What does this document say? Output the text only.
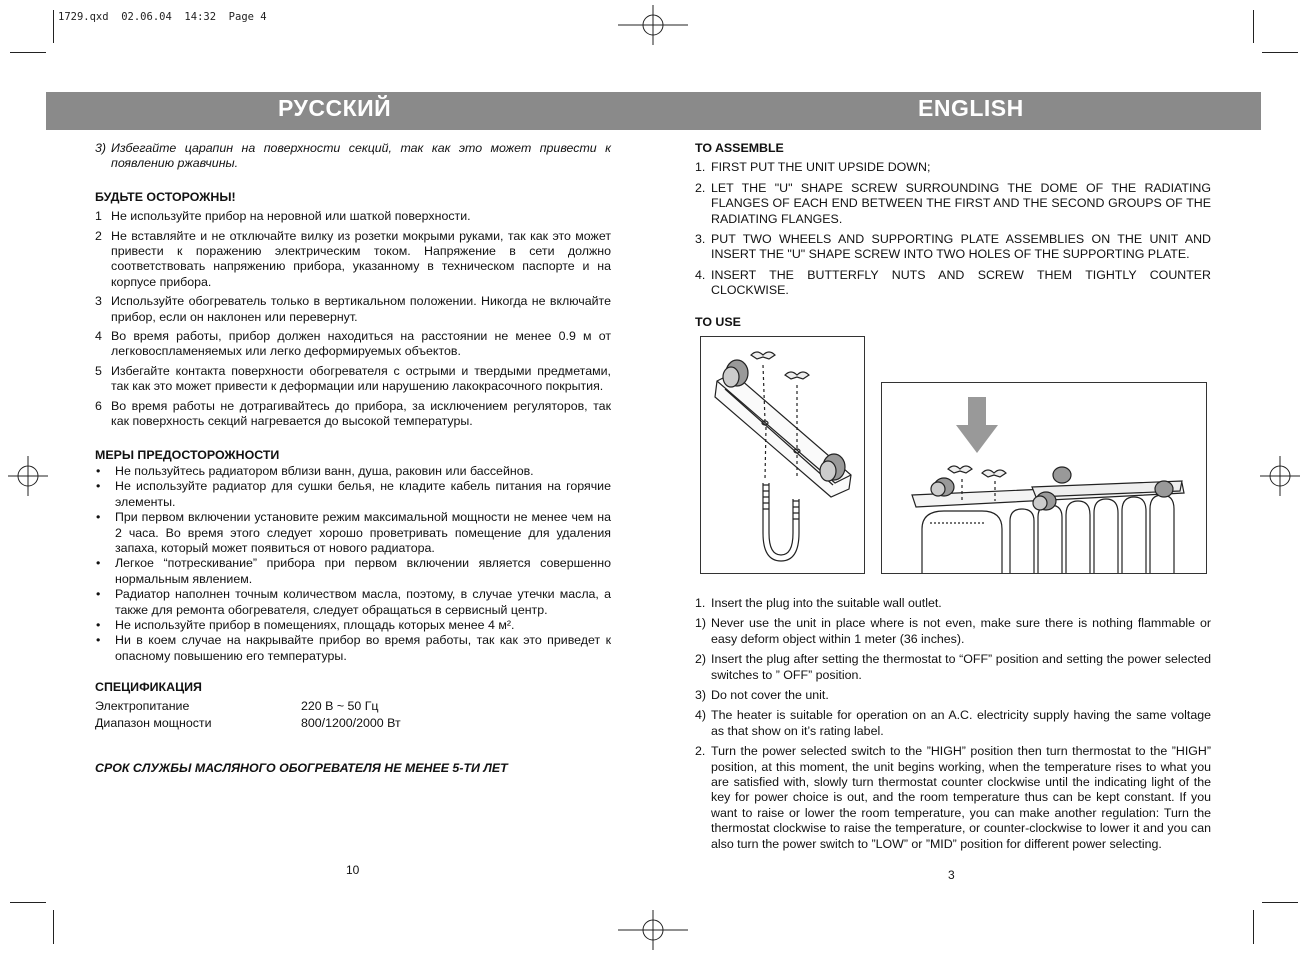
1729.qxd  02.06.04  14:32  Page 4
РУССКИЙ	ENGLISH
3) Избегайте царапин на поверхности секций, так как это может привести к появлению ржавчины.
БУДЬТЕ ОСТОРОЖНЫ!
1 Не используйте прибор на неровной или шаткой поверхности.
2 Не вставляйте и не отключайте вилку из розетки мокрыми руками, так как это может привести к поражению электрическим током. Напряжение в сети должно соответствовать напряжению прибора, указанному в техническом паспорте и на корпусе прибора.
3 Используйте обогреватель только в вертикальном положении. Никогда не включайте прибор, если он наклонен или перевернут.
4 Во время работы, прибор должен находиться на расстоянии не менее 0.9 м от легковоспламеняемых или легко деформируемых объектов.
5 Избегайте контакта поверхности обогревателя с острыми и твердыми предметами, так как это может привести к деформации или нарушению лакокрасочного покрытия.
6 Во время работы не дотрагивайтесь до прибора, за исключением регуляторов, так как поверхность секций нагревается до высокой температуры.
МЕРЫ ПРЕДОСТОРОЖНОСТИ
• Не пользуйтесь радиатором вблизи ванн, душа, раковин или бассейнов.
• Не используйте радиатор для сушки белья, не кладите кабель питания на горячие элементы.
• При первом включении установите режим максимальной мощности не менее чем на 2 часа. Во время этого следует хорошо проветривать помещение для удаления запаха, который может появиться от нового радиатора.
• Легкое “потрескивание” прибора при первом включении является совершенно нормальным явлением.
• Радиатор наполнен точным количеством масла, поэтому, в случае утечки масла, а также для ремонта обогревателя, следует обращаться в сервисный центр.
• Не используйте прибор в помещениях, площадь которых менее 4 м².
• Ни в коем случае на накрывайте прибор во время работы, так как это приведет к опасному повышению его температуры.
СПЕЦИФИКАЦИЯ
Электропитание	220 В ~ 50 Гц
Диапазон мощности	800/1200/2000 Вт
СРОК СЛУЖБЫ МАСЛЯНОГО ОБОГРЕВАТЕЛЯ НЕ МЕНЕЕ 5-ТИ ЛЕТ
10
TO ASSEMBLE
1. FIRST PUT THE UNIT UPSIDE DOWN;
2. LET THE "U" SHAPE SCREW SURROUNDING THE DOME OF THE RADIATING FLANGES OF EACH END BETWEEN THE FIRST AND THE SECOND GROUPS OF THE RADIATING FLANGES.
3. PUT TWO WHEELS AND SUPPORTING PLATE ASSEMBLIES ON THE UNIT AND INSERT THE "U" SHAPE SCREW INTO TWO HOLES OF THE SUPPORTING PLATE.
4. INSERT THE BUTTERFLY NUTS AND SCREW THEM TIGHTLY COUNTER CLOCKWISE.
TO USE
1. Insert the plug into the suitable wall outlet.
1) Never use the unit in place where is not even, make sure there is nothing flammable or easy deform object within 1 meter (36 inches).
2) Insert the plug after setting the thermostat to “OFF” position and setting the power selected switches to ” OFF” position.
3) Do not cover the unit.
4) The heater is suitable for operation on an A.C. electricity supply having the same voltage as that show on it’s rating label.
2. Turn the power selected switch to the ”HIGH” position then turn thermostat to the ”HIGH” position, at this moment, the unit begins working, when the temperature rises to what you are satisfied with, slowly turn thermostat counter clockwise until the indicating light of the key for power choice is out, and the room temperature thus can be kept constant. If you want to raise or lower the room temperature, you can make another regulation: Turn the thermostat clockwise to raise the temperature, or counter-clockwise to lower it and you can also turn the power switch to ”LOW” or ”MID” position for different power selecting.
3
